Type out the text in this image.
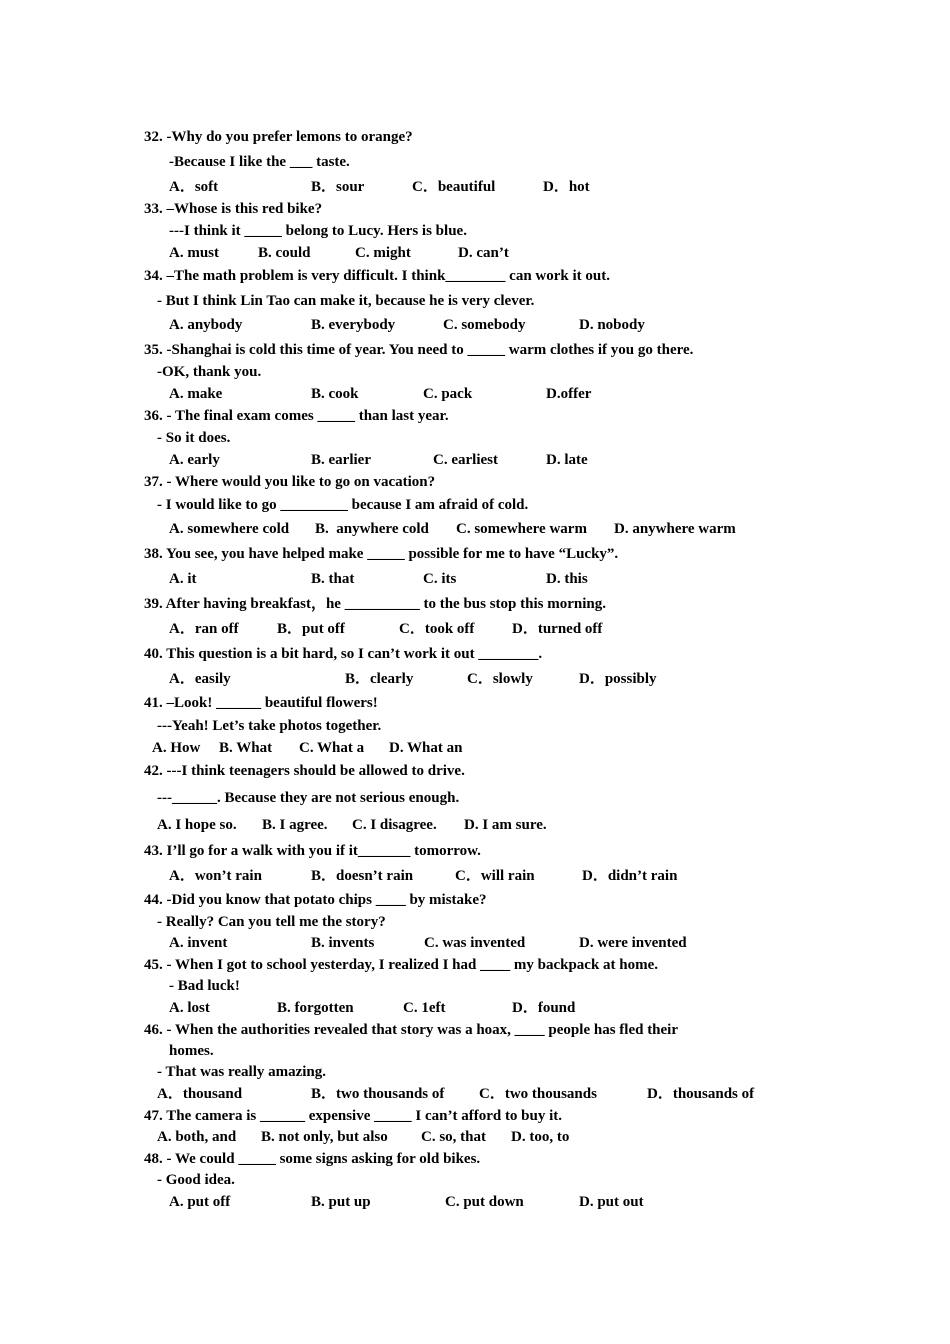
32. -Why do you prefer lemons to orange?
-Because I like the ___ taste.
A．soft	B．sour	C．beautiful	D．hot
33. –Whose is this red bike?
---I think it _____ belong to Lucy. Hers is blue.
A. must	B. could	C. might	D. can’t
34. –The math problem is very difficult. I think________ can work it out.
- But I think Lin Tao can make it, because he is very clever.
A. anybody	B. everybody	C. somebody	D. nobody
35. -Shanghai is cold this time of year. You need to _____ warm clothes if you go there.
-OK, thank you.
A. make	B. cook	C. pack	D.offer
36. - The final exam comes _____ than last year.
- So it does.
A. early	B. earlier	C. earliest	D. late
37. - Where would you like to go on vacation?
- I would like to go _________ because I am afraid of cold.
A. somewhere cold B.  anywhere cold C. somewhere warm D. anywhere warm
38. You see, you have helped make _____ possible for me to have “Lucky”.
A. it	B. that	C. its	D. this
39. After having breakfast，he __________ to the bus stop this morning.
A．ran off	B．put off	C．took off	D．turned off
40. This question is a bit hard, so I can’t work it out ________.
A．easily	B．clearly	C．slowly	D．possibly
41. –Look! ______ beautiful flowers!
---Yeah! Let’s take photos together.
A. How B. What C. What a D. What an
42. ---I think teenagers should be allowed to drive.
---______. Because they are not serious enough.
A. I hope so. B. I agree. C. I disagree. D. I am sure.
43. I’ll go for a walk with you if it_______ tomorrow.
A．won’t rain	B．doesn’t rain	C．will rain	D．didn’t rain
44. -Did you know that potato chips ____ by mistake?
- Really? Can you tell me the story?
A. invent	B. invents	C. was invented	D. were invented
45. - When I got to school yesterday, I realized I had ____ my backpack at home.
- Bad luck!
A. lost	B. forgotten	C. 1eft	D．found
46. - When the authorities revealed that story was a hoax, ____ people has fled their
homes.
- That was really amazing.
A．thousand	B．two thousands of C．two thousands	D．thousands of
47. The camera is ______ expensive _____ I can’t afford to buy it.
A. both, and B. not only, but also C. so, that D. too, to
48. - We could _____ some signs asking for old bikes.
- Good idea.
A. put off	B. put up	C. put down	D. put out
